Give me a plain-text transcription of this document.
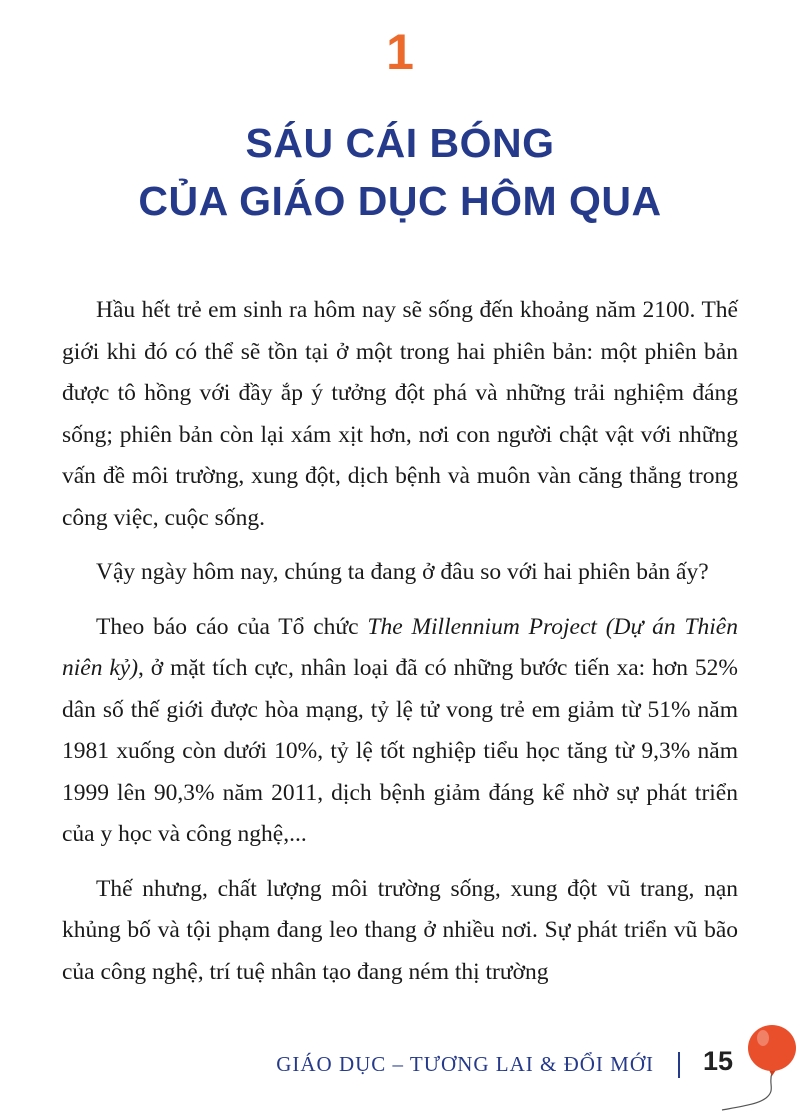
1
SÁU CÁI BÓNG
CỦA GIÁO DỤC HÔM QUA

Hầu hết trẻ em sinh ra hôm nay sẽ sống đến khoảng năm 2100. Thế giới khi đó có thể sẽ tồn tại ở một trong hai phiên bản: một phiên bản được tô hồng với đầy ắp ý tưởng đột phá và những trải nghiệm đáng sống; phiên bản còn lại xám xịt hơn, nơi con người chật vật với những vấn đề môi trường, xung đột, dịch bệnh và muôn vàn căng thẳng trong công việc, cuộc sống.

Vậy ngày hôm nay, chúng ta đang ở đâu so với hai phiên bản ấy?

Theo báo cáo của Tổ chức The Millennium Project (Dự án Thiên niên kỷ), ở mặt tích cực, nhân loại đã có những bước tiến xa: hơn 52% dân số thế giới được hòa mạng, tỷ lệ tử vong trẻ em giảm từ 51% năm 1981 xuống còn dưới 10%, tỷ lệ tốt nghiệp tiểu học tăng từ 9,3% năm 1999 lên 90,3% năm 2011, dịch bệnh giảm đáng kể nhờ sự phát triển của y học và công nghệ,...

Thế nhưng, chất lượng môi trường sống, xung đột vũ trang, nạn khủng bố và tội phạm đang leo thang ở nhiều nơi. Sự phát triển vũ bão của công nghệ, trí tuệ nhân tạo đang ném thị trường

GIÁO DỤC – TƯƠNG LAI & ĐỔI MỚI 15
